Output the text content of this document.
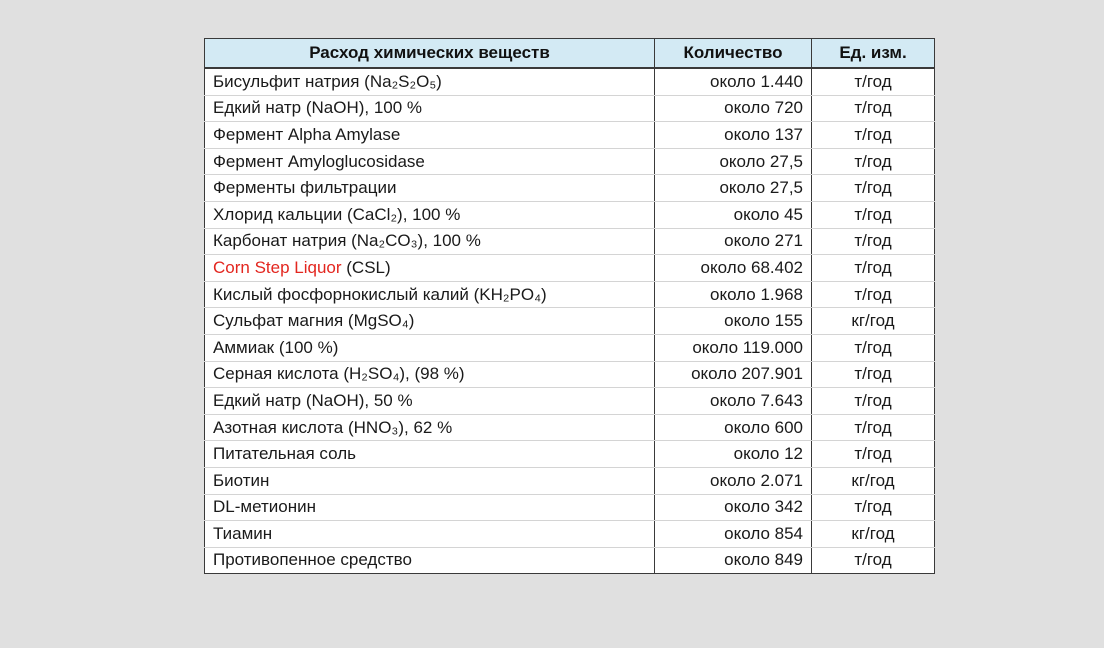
Расход химических веществ	Количество	Ед. изм.
Бисульфит натрия (Na₂S₂O₅)	около 1.440	т/год
Едкий натр (NaOH), 100 %	около 720	т/год
Фермент Alpha Amylase	около 137	т/год
Фермент Amyloglucosidase	около 27,5	т/год
Ферменты фильтрации	около 27,5	т/год
Хлорид кальции (CaCl₂), 100 %	около 45	т/год
Карбонат натрия (Na₂CO₃), 100 %	около 271	т/год
Corn Step Liquor (CSL)	около 68.402	т/год
Кислый фосфорнокислый калий (KH₂PO₄)	около 1.968	т/год
Сульфат магния (MgSO₄)	около 155	кг/год
Аммиак (100 %)	около 119.000	т/год
Серная кислота (H₂SO₄), (98 %)	около 207.901	т/год
Едкий натр (NaOH), 50 %	около 7.643	т/год
Азотная кислота (HNO₃), 62 %	около 600	т/год
Питательная соль	около 12	т/год
Биотин	около 2.071	кг/год
DL-метионин	около 342	т/год
Тиамин	около 854	кг/год
Противопенное средство	около 849	т/год
